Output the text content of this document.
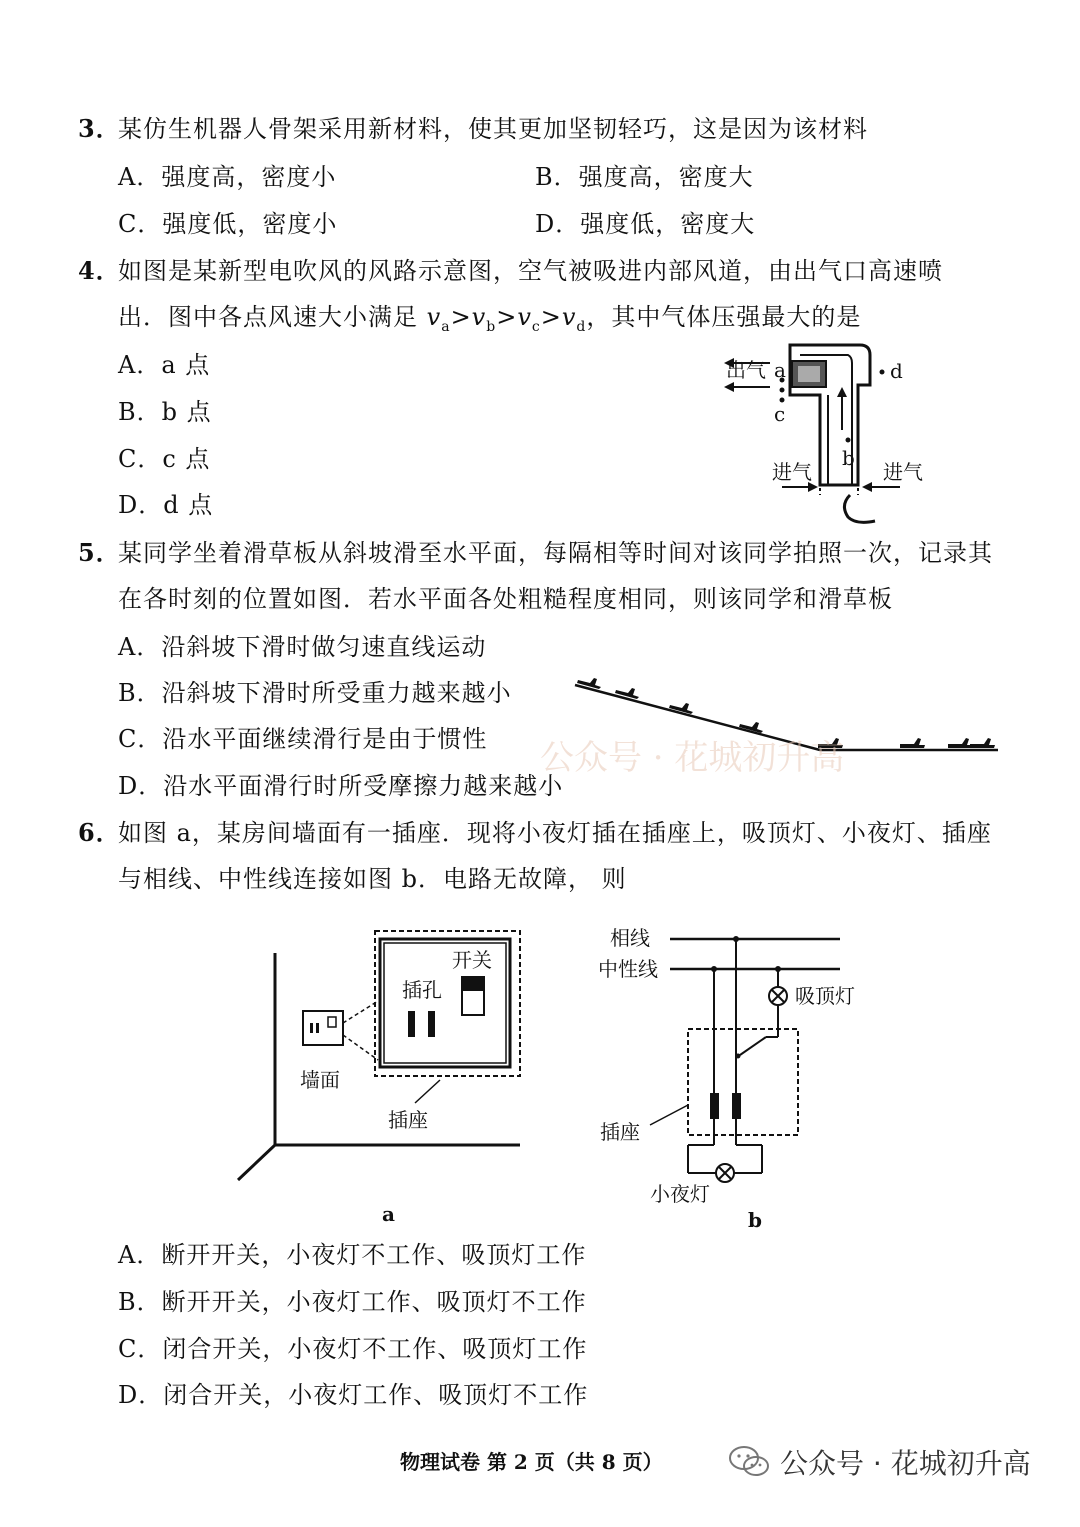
3．
某仿生机器人骨架采用新材料，使其更加坚韧轻巧，这是因为该材料
A．强度高，密度小	B．强度高，密度大
C．强度低，密度小	D．强度低，密度大
4．
如图是某新型电吹风的风路示意图，空气被吸进内部风道，由出气口高速喷
出．图中各点风速大小满足 $v_a>v_b>v_c>v_d$，其中气体压强最大的是
A．a 点
B．b 点
C．c 点
D．d 点
出气 a
c
d
b
进气	进气
5．
某同学坐着滑草板从斜坡滑至水平面，每隔相等时间对该同学拍照一次，记录其
在各时刻的位置如图．若水平面各处粗糙程度相同，则该同学和滑草板
A．沿斜坡下滑时做匀速直线运动
B．沿斜坡下滑时所受重力越来越小
C．沿水平面继续滑行是由于惯性
D．沿水平面滑行时所受摩擦力越来越小
公众号 · 花城初升高
6．
如图 a，某房间墙面有一插座．现将小夜灯插在插座上，吸顶灯、小夜灯、插座
与相线、中性线连接如图 b．电路无故障， 则
开关
插孔
墙面
插座
a
相线
中性线
吸顶灯
插座
小夜灯
b
A．断开开关，小夜灯不工作、吸顶灯工作
B．断开开关，小夜灯工作、吸顶灯不工作
C．闭合开关，小夜灯不工作、吸顶灯工作
D．闭合开关，小夜灯工作、吸顶灯不工作
物理试卷 第 2 页（共 8 页）	公众号 · 花城初升高
